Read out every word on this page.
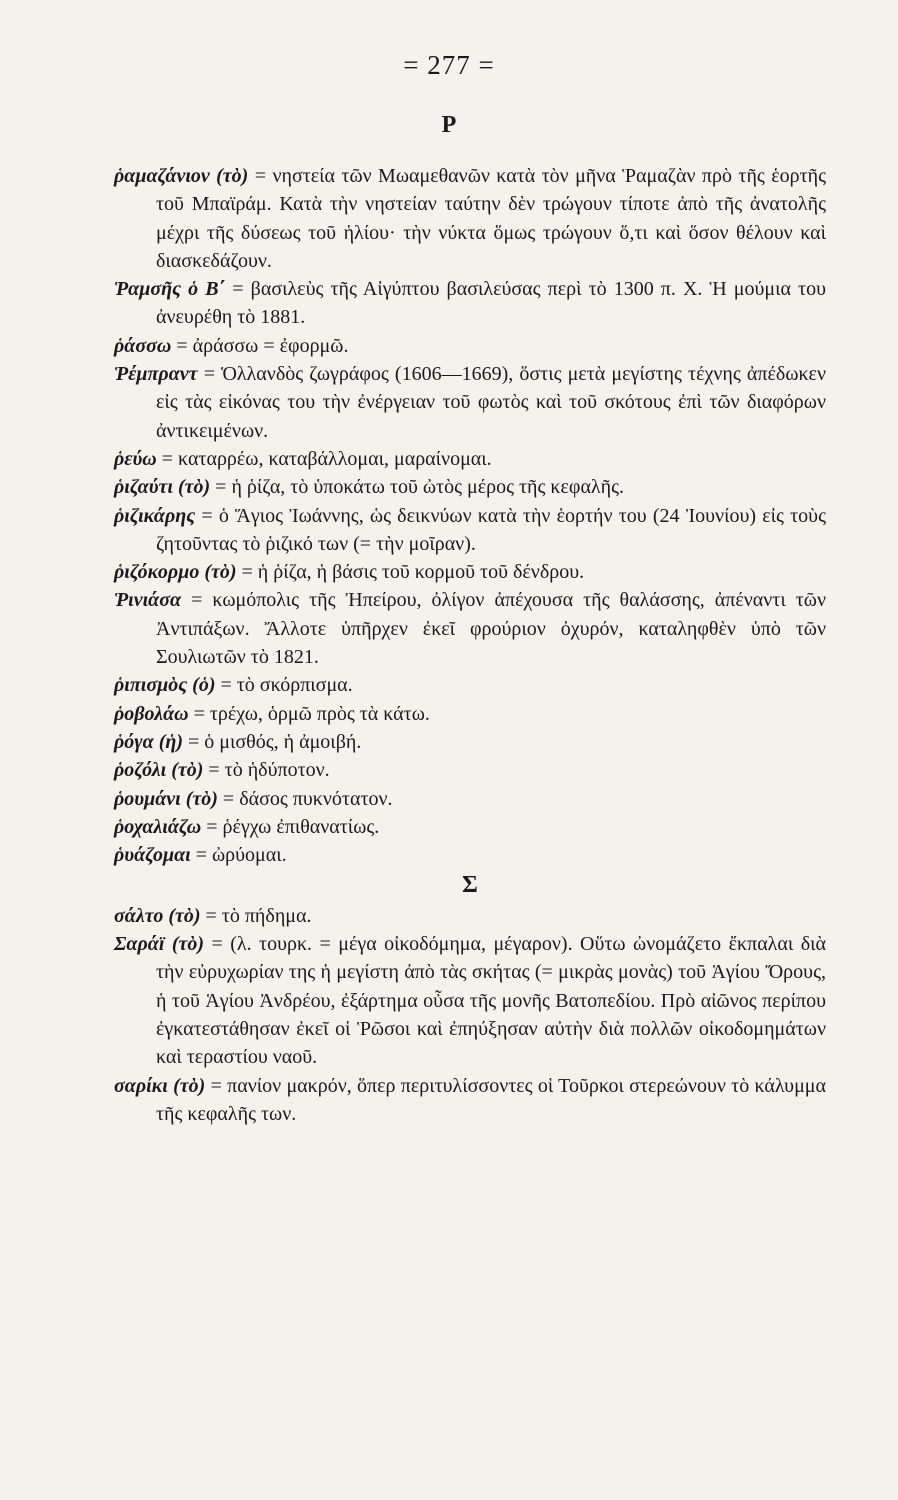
= 277 =
Ρ

ῥαμαζάνιον (τὸ) = νηστεία τῶν Μωαμεθανῶν κατὰ τὸν μῆνα Ῥαμαζὰν πρὸ τῆς ἑορτῆς τοῦ Μπαϊράμ. Κατὰ τὴν νηστείαν ταύτην δὲν τρώγουν τίποτε ἀπὸ τῆς ἀνατολῆς μέχρι τῆς δύσεως τοῦ ἡλίου· τὴν νύκτα ὅμως τρώγουν ὅ,τι καὶ ὅσον θέλουν καὶ διασκεδάζουν.

Ῥαμσῆς ὁ Β΄ = βασιλεὺς τῆς Αἰγύπτου βασιλεύσας περὶ τὸ 1300 π. Χ. Ἡ μούμια του ἀνευρέθη τὸ 1881.

ῥάσσω = ἀράσσω = ἐφορμῶ.

Ῥέμπραντ = Ὁλλανδὸς ζωγράφος (1606—1669), ὅστις μετὰ μεγίστης τέχνης ἀπέδωκεν εἰς τὰς εἰκόνας του τὴν ἐνέργειαν τοῦ φωτὸς καὶ τοῦ σκότους ἐπὶ τῶν διαφόρων ἀντικειμένων.

ῥεύω = καταρρέω, καταβάλλομαι, μαραίνομαι.

ῥιζαύτι (τὸ) = ἡ ῥίζα, τὸ ὑποκάτω τοῦ ὠτὸς μέρος τῆς κεφαλῆς.

ῥιζικάρης = ὁ Ἅγιος Ἰωάννης, ὡς δεικνύων κατὰ τὴν ἑορτήν του (24 Ἰουνίου) εἰς τοὺς ζητοῦντας τὸ ῥιζικό των (= τὴν μοῖραν).

ῥιζόκορμο (τὸ) = ἡ ῥίζα, ἡ βάσις τοῦ κορμοῦ τοῦ δένδρου.

Ῥινιάσα = κωμόπολις τῆς Ἠπείρου, ὀλίγον ἀπέχουσα τῆς θαλάσσης, ἀπέναντι τῶν Ἀντιπάξων. Ἄλλοτε ὑπῆρχεν ἐκεῖ φρούριον ὀχυρόν, καταληφθὲν ὑπὸ τῶν Σουλιωτῶν τὸ 1821.

ῥιπισμὸς (ὁ) = τὸ σκόρπισμα.

ῥοβολάω = τρέχω, ὁρμῶ πρὸς τὰ κάτω.

ῥόγα (ἡ) = ὁ μισθός, ἡ ἀμοιβή.

ῥοζόλι (τὸ) = τὸ ἡδύποτον.

ῥουμάνι (τὸ) = δάσος πυκνότατον.

ῥοχαλιάζω = ῥέγχω ἐπιθανατίως.

ῥυάζομαι = ὠρύομαι.

Σ

σάλτο (τὸ) = τὸ πήδημα.

Σαράϊ (τὸ) = (λ. τουρκ. = μέγα οἰκοδόμημα, μέγαρον). Οὕτω ὠνομάζετο ἔκπαλαι διὰ τὴν εὐρυχωρίαν της ἡ μεγίστη ἀπὸ τὰς σκήτας (= μικρὰς μονὰς) τοῦ Ἁγίου Ὄρους, ἡ τοῦ Ἁγίου Ἀνδρέου, ἐξάρτημα οὖσα τῆς μονῆς Βατοπεδίου. Πρὸ αἰῶνος περίπου ἐγκατεστάθησαν ἐκεῖ οἱ Ῥῶσοι καὶ ἐπηύξησαν αὐτὴν διὰ πολλῶν οἰκοδομημάτων καὶ τεραστίου ναοῦ.

σαρίκι (τὸ) = πανίον μακρόν, ὅπερ περιτυλίσσοντες οἱ Τοῦρκοι στερεώνουν τὸ κάλυμμα τῆς κεφαλῆς των.
